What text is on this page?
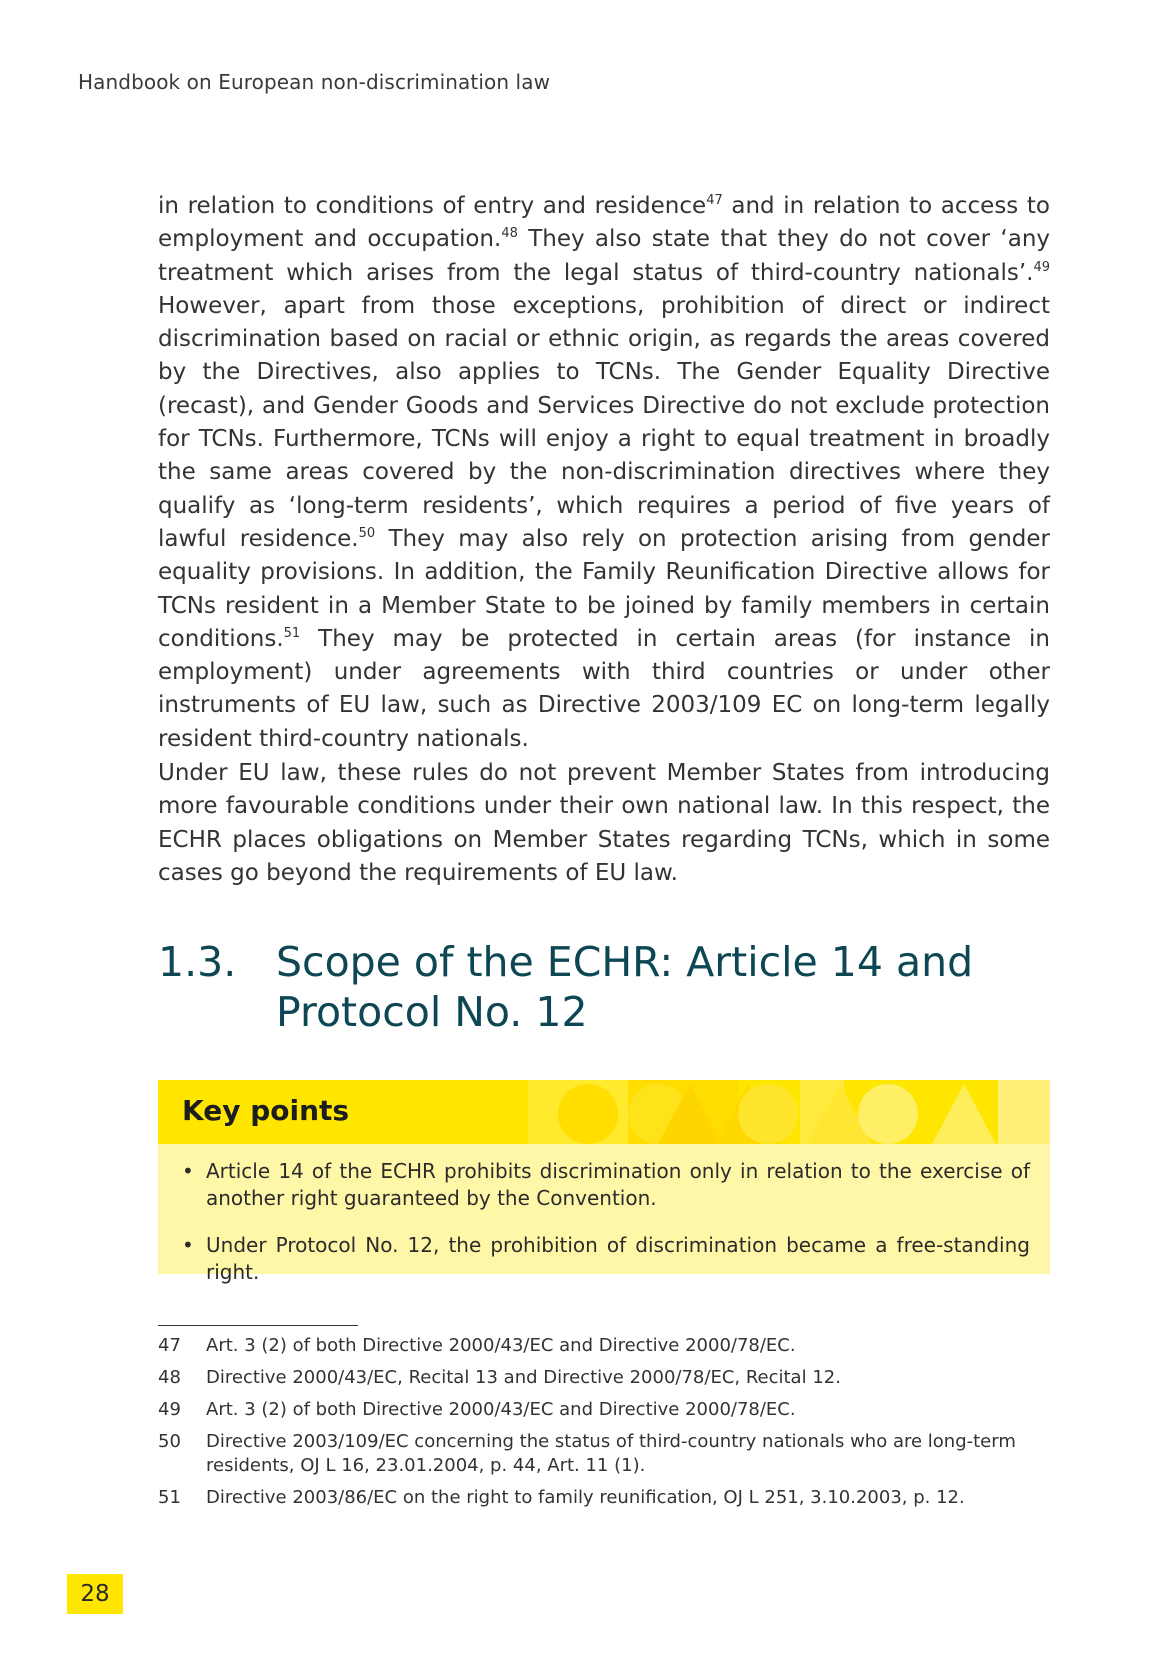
Handbook on European non-discrimination law

in relation to conditions of entry and residence$^{47}$ and in relation to access to employment and occupation.$^{48}$ They also state that they do not cover ‘any treatment which arises from the legal status of third-country nationals’.$^{49}$ However, apart from those exceptions, prohibition of direct or indirect discrimination based on racial or ethnic origin, as regards the areas covered by the Directives, also applies to TCNs. The Gender Equality Directive (recast), and Gender Goods and Services Directive do not exclude protection for TCNs. Furthermore, TCNs will enjoy a right to equal treatment in broadly the same areas covered by the non-discrimination directives where they qualify as ‘long-term residents’, which requires a period of five years of lawful residence.$^{50}$ They may also rely on protection arising from gender equality provisions. In addition, the Family Reunification Directive allows for TCNs resident in a Member State to be joined by family members in certain conditions.$^{51}$ They may be protected in certain areas (for instance in employment) under agreements with third countries or under other instruments of EU law, such as Directive 2003/109 EC on long-term legally resident third-country nationals.

Under EU law, these rules do not prevent Member States from introducing more favourable conditions under their own national law. In this respect, the ECHR places obligations on Member States regarding TCNs, which in some cases go beyond the requirements of EU law.

1.3. Scope of the ECHR: Article 14 and Protocol No. 12
Key points
• Article 14 of the ECHR prohibits discrimination only in relation to the exercise of another right guaranteed by the Convention.
• Under Protocol No. 12, the prohibition of discrimination became a free-standing right.
47 Art. 3 (2) of both Directive 2000/43/EC and Directive 2000/78/EC.
48 Directive 2000/43/EC, Recital 13 and Directive 2000/78/EC, Recital 12.
49 Art. 3 (2) of both Directive 2000/43/EC and Directive 2000/78/EC.
50 Directive 2003/109/EC concerning the status of third-country nationals who are long-term residents, OJ L 16, 23.01.2004, p. 44, Art. 11 (1).
51 Directive 2003/86/EC on the right to family reunification, OJ L 251, 3.10.2003, p. 12.
28
